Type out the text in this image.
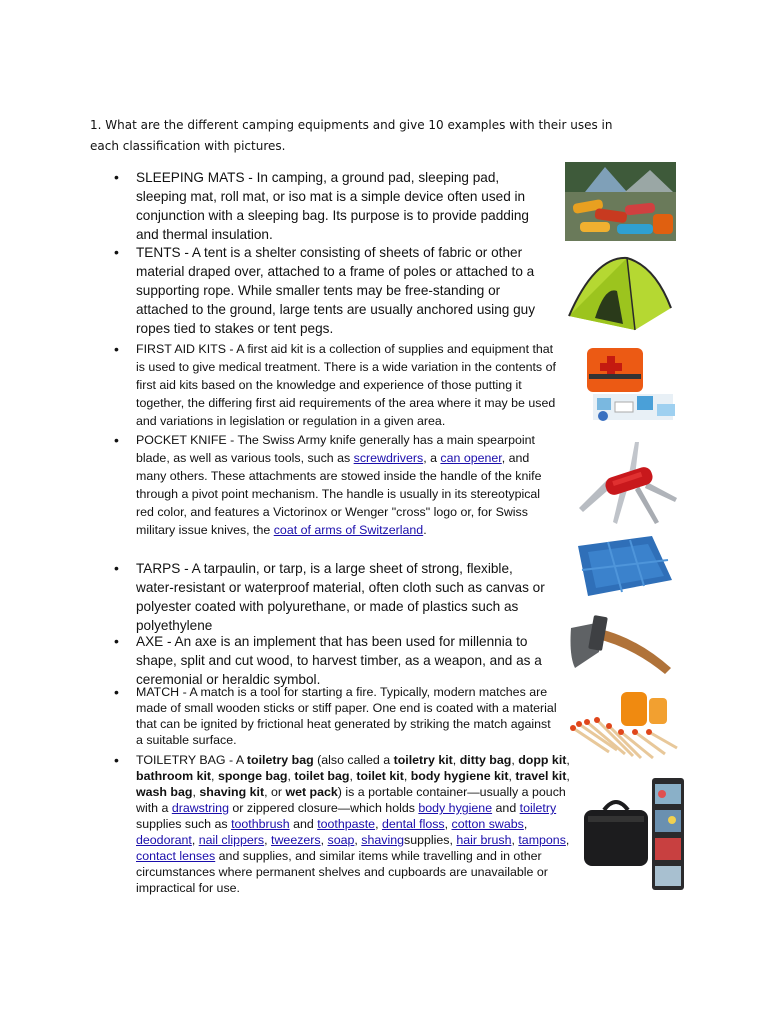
1. What are the different camping equipments and give 10 examples with their uses in each classification with pictures.
• SLEEPING MATS - In camping, a ground pad, sleeping pad, sleeping mat, roll mat, or iso mat is a simple device often used in conjunction with a sleeping bag. Its purpose is to provide padding and thermal insulation.
• TENTS - A tent is a shelter consisting of sheets of fabric or other material draped over, attached to a frame of poles or attached to a supporting rope. While smaller tents may be free-standing or attached to the ground, large tents are usually anchored using guy ropes tied to stakes or tent pegs.
• FIRST AID KITS - A first aid kit is a collection of supplies and equipment that is used to give medical treatment. There is a wide variation in the contents of first aid kits based on the knowledge and experience of those putting it together, the differing first aid requirements of the area where it may be used and variations in legislation or regulation in a given area.
• POCKET KNIFE - The Swiss Army knife generally has a main spearpoint blade, as well as various tools, such as screwdrivers, a can opener, and many others. These attachments are stowed inside the handle of the knife through a pivot point mechanism. The handle is usually in its stereotypical red color, and features a Victorinox or Wenger "cross" logo or, for Swiss military issue knives, the coat of arms of Switzerland.
• TARPS - A tarpaulin, or tarp, is a large sheet of strong, flexible, water-resistant or waterproof material, often cloth such as canvas or polyester coated with polyurethane, or made of plastics such as polyethylene
• AXE - An axe is an implement that has been used for millennia to shape, split and cut wood, to harvest timber, as a weapon, and as a ceremonial or heraldic symbol.
• MATCH - A match is a tool for starting a fire. Typically, modern matches are made of small wooden sticks or stiff paper. One end is coated with a material that can be ignited by frictional heat generated by striking the match against a suitable surface.
• TOILETRY BAG - A toiletry bag (also called a toiletry kit, ditty bag, dopp kit, bathroom kit, sponge bag, toilet bag, toilet kit, body hygiene kit, travel kit, wash bag, shaving kit, or wet pack) is a portable container—usually a pouch with a drawstring or zippered closure—which holds body hygiene and toiletry supplies such as toothbrush and toothpaste, dental floss, cotton swabs, deodorant, nail clippers, tweezers, soap, shavingsupplies, hair brush, tampons, contact lenses and supplies, and similar items while travelling and in other circumstances where permanent shelves and cupboards are unavailable or impractical for use.
